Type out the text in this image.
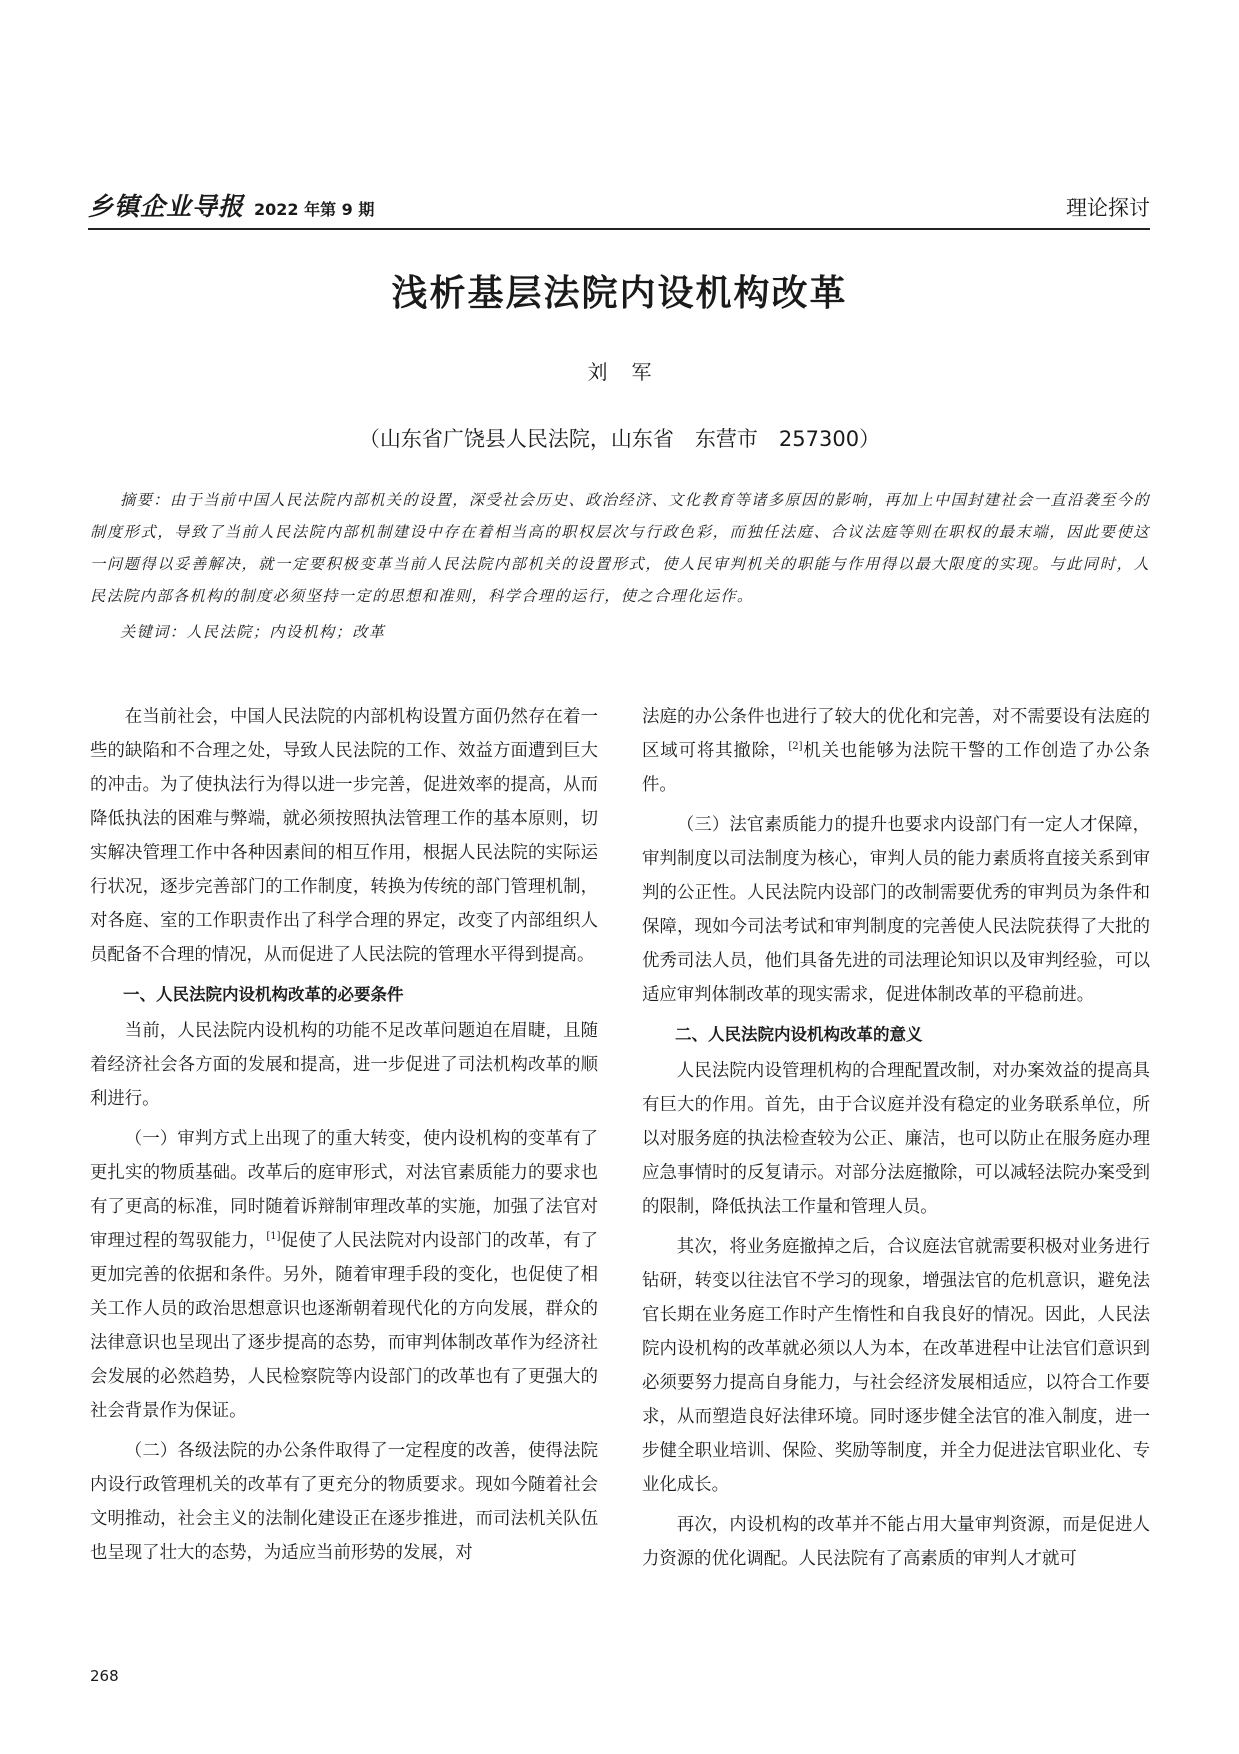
乡镇企业导报 2022 年第 9 期	理论探讨
浅析基层法院内设机构改革
刘军
（山东省广饶县人民法院，山东省　东营市　257300）
摘要：由于当前中国人民法院内部机关的设置，深受社会历史、政治经济、文化教育等诸多原因的影响，再加上中国封建社会一直沿袭至今的制度形式，导致了当前人民法院内部机制建设中存在着相当高的职权层次与行政色彩，而独任法庭、合议法庭等则在职权的最末端，因此要使这一问题得以妥善解决，就一定要积极变革当前人民法院内部机关的设置形式，使人民审判机关的职能与作用得以最大限度的实现。与此同时，人民法院内部各机构的制度必须坚持一定的思想和准则，科学合理的运行，使之合理化运作。
关键词：人民法院；内设机构；改革

在当前社会，中国人民法院的内部机构设置方面仍然存在着一些的缺陷和不合理之处，导致人民法院的工作、效益方面遭到巨大的冲击。为了使执法行为得以进一步完善，促进效率的提高，从而降低执法的困难与弊端，就必须按照执法管理工作的基本原则，切实解决管理工作中各种因素间的相互作用，根据人民法院的实际运行状况，逐步完善部门的工作制度，转换为传统的部门管理机制，对各庭、室的工作职责作出了科学合理的界定，改变了内部组织人员配备不合理的情况，从而促进了人民法院的管理水平得到提高。

一、人民法院内设机构改革的必要条件

当前，人民法院内设机构的功能不足改革问题迫在眉睫，且随着经济社会各方面的发展和提高，进一步促进了司法机构改革的顺利进行。

（一）审判方式上出现了的重大转变，使内设机构的变革有了更扎实的物质基础。改革后的庭审形式，对法官素质能力的要求也有了更高的标准，同时随着诉辩制审理改革的实施，加强了法官对审理过程的驾驭能力，[1]促使了人民法院对内设部门的改革，有了更加完善的依据和条件。另外，随着审理手段的变化，也促使了相关工作人员的政治思想意识也逐渐朝着现代化的方向发展，群众的法律意识也呈现出了逐步提高的态势，而审判体制改革作为经济社会发展的必然趋势，人民检察院等内设部门的改革也有了更强大的社会背景作为保证。

（二）各级法院的办公条件取得了一定程度的改善，使得法院内设行政管理机关的改革有了更充分的物质要求。现如今随着社会文明推动，社会主义的法制化建设正在逐步推进，而司法机关队伍也呈现了壮大的态势，为适应当前形势的发展，对

法庭的办公条件也进行了较大的优化和完善，对不需要设有法庭的区域可将其撤除，[2]机关也能够为法院干警的工作创造了办公条件。

（三）法官素质能力的提升也要求内设部门有一定人才保障，审判制度以司法制度为核心，审判人员的能力素质将直接关系到审判的公正性。人民法院内设部门的改制需要优秀的审判员为条件和保障，现如今司法考试和审判制度的完善使人民法院获得了大批的优秀司法人员，他们具备先进的司法理论知识以及审判经验，可以适应审判体制改革的现实需求，促进体制改革的平稳前进。

二、人民法院内设机构改革的意义

人民法院内设管理机构的合理配置改制，对办案效益的提高具有巨大的作用。首先，由于合议庭并没有稳定的业务联系单位，所以对服务庭的执法检查较为公正、廉洁，也可以防止在服务庭办理应急事情时的反复请示。对部分法庭撤除，可以减轻法院办案受到的限制，降低执法工作量和管理人员。

其次，将业务庭撤掉之后，合议庭法官就需要积极对业务进行钻研，转变以往法官不学习的现象，增强法官的危机意识，避免法官长期在业务庭工作时产生惰性和自我良好的情况。因此，人民法院内设机构的改革就必须以人为本，在改革进程中让法官们意识到必须要努力提高自身能力，与社会经济发展相适应，以符合工作要求，从而塑造良好法律环境。同时逐步健全法官的准入制度，进一步健全职业培训、保险、奖励等制度，并全力促进法官职业化、专业化成长。

再次，内设机构的改革并不能占用大量审判资源，而是促进人力资源的优化调配。人民法院有了高素质的审判人才就可

268
